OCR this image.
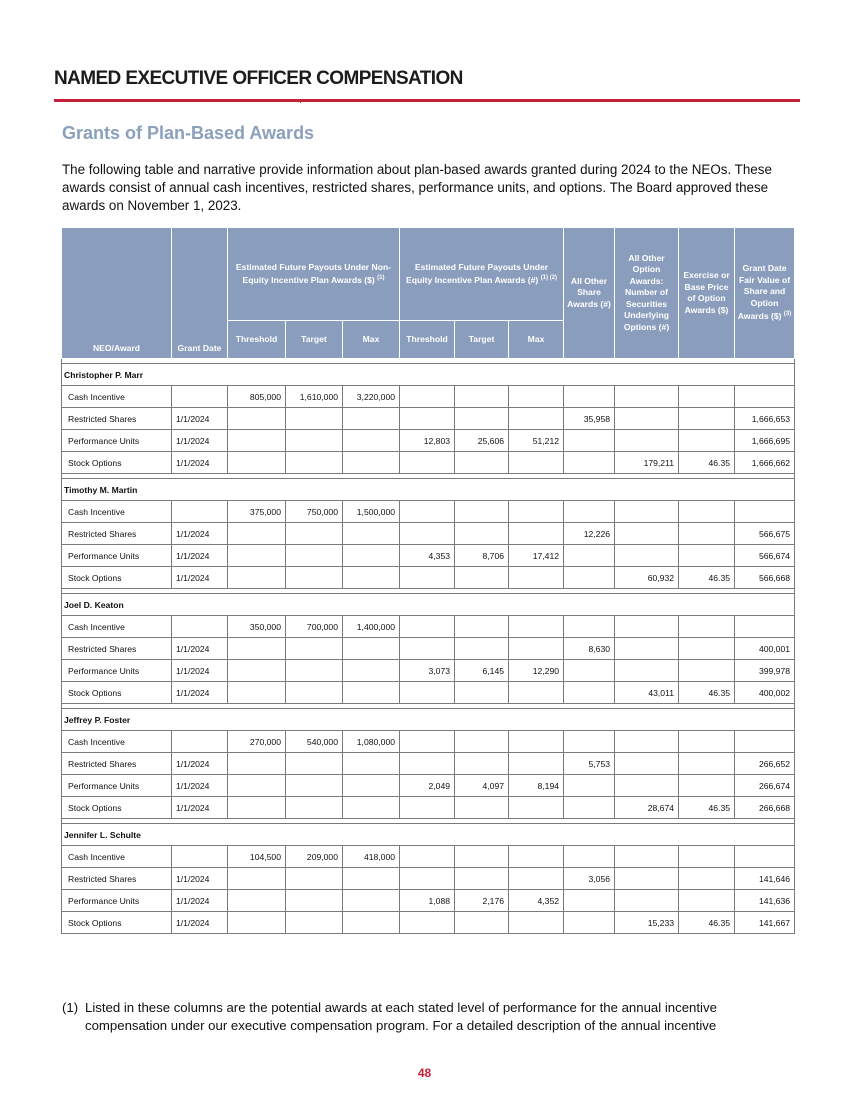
NAMED EXECUTIVE OFFICER COMPENSATION
Grants of Plan-Based Awards
The following table and narrative provide information about plan-based awards granted during 2024 to the NEOs. These awards consist of annual cash incentives, restricted shares, performance units, and options. The Board approved these awards on November 1, 2023.
NEO/Award	Grant Date	Estimated Future Payouts Under Non-Equity Incentive Plan Awards ($) $^{(1)}$			Estimated Future Payouts Under Equity Incentive Plan Awards (#) $^{(1) (2)}$			All Other Share Awards (#)	All Other Option Awards: Number of Securities Underlying Options (#)	Exercise or Base Price of Option Awards ($)	Grant Date Fair Value of Share and Option Awards ($) $^{(3)}$
		Threshold	Target	Max	Threshold	Target	Max				

Christopher P. Marr											
Cash Incentive		805,000	1,610,000	3,220,000							
Restricted Shares	1/1/2024							35,958			1,666,653
Performance Units	1/1/2024				12,803	25,606	51,212				1,666,695
Stock Options	1/1/2024								179,211	46.35	1,666,662

Timothy M. Martin											
Cash Incentive		375,000	750,000	1,500,000							
Restricted Shares	1/1/2024							12,226			566,675
Performance Units	1/1/2024				4,353	8,706	17,412				566,674
Stock Options	1/1/2024								60,932	46.35	566,668

Joel D. Keaton											
Cash Incentive		350,000	700,000	1,400,000							
Restricted Shares	1/1/2024							8,630			400,001
Performance Units	1/1/2024				3,073	6,145	12,290				399,978
Stock Options	1/1/2024								43,011	46.35	400,002

Jeffrey P. Foster											
Cash Incentive		270,000	540,000	1,080,000							
Restricted Shares	1/1/2024							5,753			266,652
Performance Units	1/1/2024				2,049	4,097	8,194				266,674
Stock Options	1/1/2024								28,674	46.35	266,668

Jennifer L. Schulte											
Cash Incentive		104,500	209,000	418,000							
Restricted Shares	1/1/2024							3,056			141,646
Performance Units	1/1/2024				1,088	2,176	4,352				141,636
Stock Options	1/1/2024								15,233	46.35	141,667
(1) Listed in these columns are the potential awards at each stated level of performance for the annual incentive compensation under our executive compensation program. For a detailed description of the annual incentive
48
